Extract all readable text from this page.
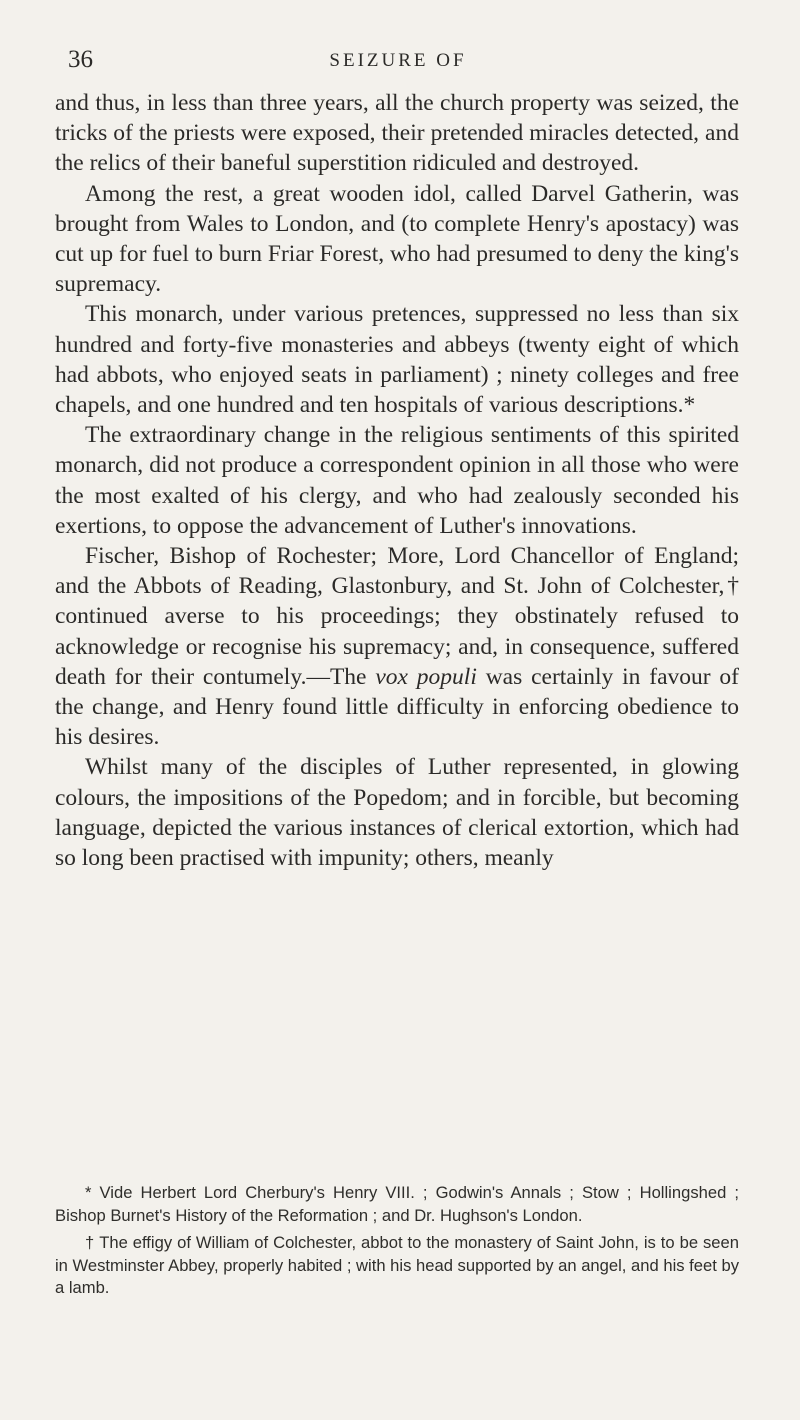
36	SEIZURE OF

and thus, in less than three years, all the church property was seized, the tricks of the priests were exposed, their pretended miracles detected, and the relics of their baneful superstition ridiculed and destroyed.

Among the rest, a great wooden idol, called Darvel Gatherin, was brought from Wales to London, and (to complete Henry's apostacy) was cut up for fuel to burn Friar Forest, who had presumed to deny the king's supremacy.

This monarch, under various pretences, suppressed no less than six hundred and forty-five monasteries and abbeys (twenty eight of which had abbots, who enjoyed seats in parliament) ; ninety colleges and free chapels, and one hundred and ten hospitals of various descriptions.*

The extraordinary change in the religious sentiments of this spirited monarch, did not produce a correspondent opinion in all those who were the most exalted of his clergy, and who had zealously seconded his exertions, to oppose the advancement of Luther's innovations.

Fischer, Bishop of Rochester; More, Lord Chancellor of England; and the Abbots of Reading, Glastonbury, and St. John of Colchester,† continued averse to his proceedings; they obstinately refused to acknowledge or recognise his supremacy; and, in consequence, suffered death for their contumely.—The vox populi was certainly in favour of the change, and Henry found little difficulty in enforcing obedience to his desires.

Whilst many of the disciples of Luther represented, in glowing colours, the impositions of the Popedom; and in forcible, but becoming language, depicted the various instances of clerical extortion, which had so long been practised with impunity; others, meanly

* Vide Herbert Lord Cherbury's Henry VIII. ; Godwin's Annals ; Stow ; Hollingshed ; Bishop Burnet's History of the Reformation ; and Dr. Hughson's London.

† The effigy of William of Colchester, abbot to the monastery of Saint John, is to be seen in Westminster Abbey, properly habited ; with his head supported by an angel, and his feet by a lamb.
